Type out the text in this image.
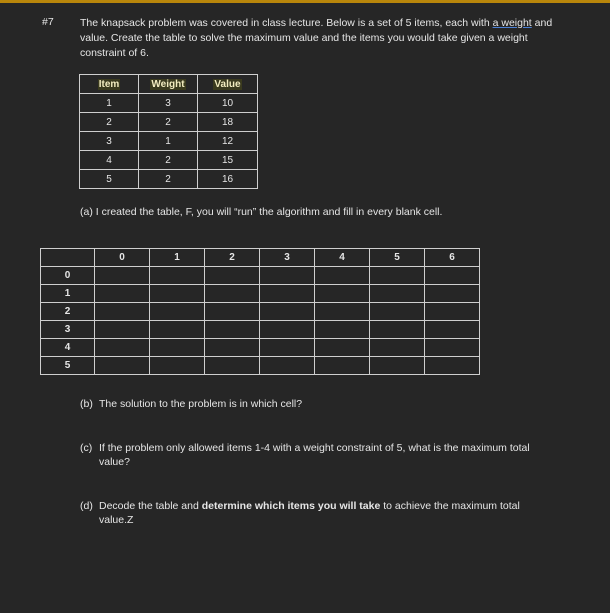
#7	The knapsack problem was covered in class lecture. Below is a set of 5 items, each with a weight and value. Create the table to solve the maximum value and the items you would take given a weight constraint of 6.
Item	Weight	Value
1	3	10
2	2	18
3	1	12
4	2	15
5	2	16
(a) I created the table, F, you will “run” the algorithm and fill in every blank cell.
	0	1	2	3	4	5	6
0							
1							
2							
3							
4							
5							
(b) The solution to the problem is in which cell?
(c) If the problem only allowed items 1-4 with a weight constraint of 5, what is the maximum total value?
(d) Decode the table and determine which items you will take to achieve the maximum total value.Z
